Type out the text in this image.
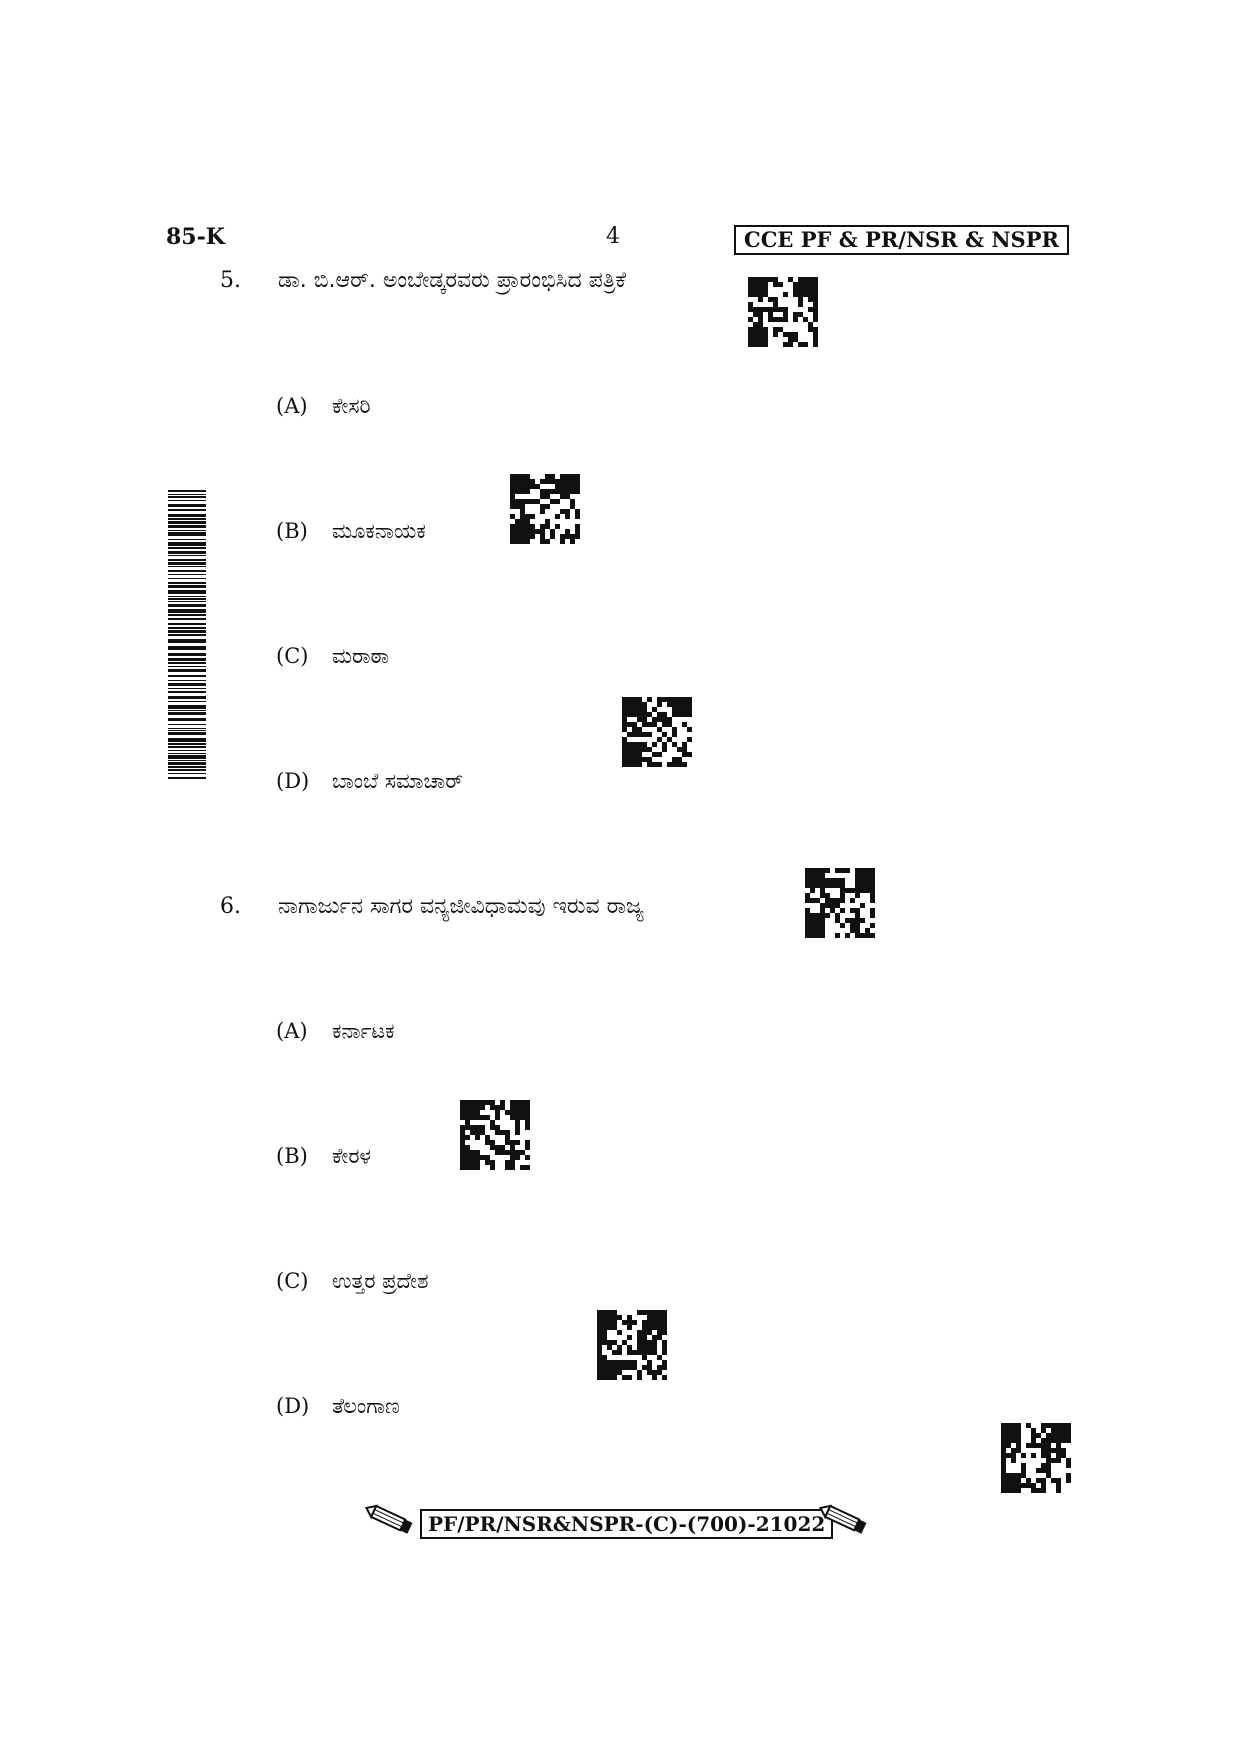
85-K	4	CCE PF & PR/NSR & NSPR
5. ಡಾ. ಬಿ.ಆರ್. ಅಂಬೇಡ್ಕರವರು ಪ್ರಾರಂಭಿಸಿದ ಪತ್ರಿಕೆ
(A) ಕೇಸರಿ
(B) ಮೂಕನಾಯಕ
(C) ಮರಾಠಾ
(D) ಬಾಂಬೆ ಸಮಾಚಾರ್
6. ನಾಗಾರ್ಜುನ ಸಾಗರ ವನ್ಯಜೀವಿಧಾಮವು ಇರುವ ರಾಜ್ಯ
(A) ಕರ್ನಾಟಕ
(B) ಕೇರಳ
(C) ಉತ್ತರ ಪ್ರದೇಶ
(D) ತೆಲಂಗಾಣ
PF/PR/NSR&NSPR-(C)-(700)-21022
